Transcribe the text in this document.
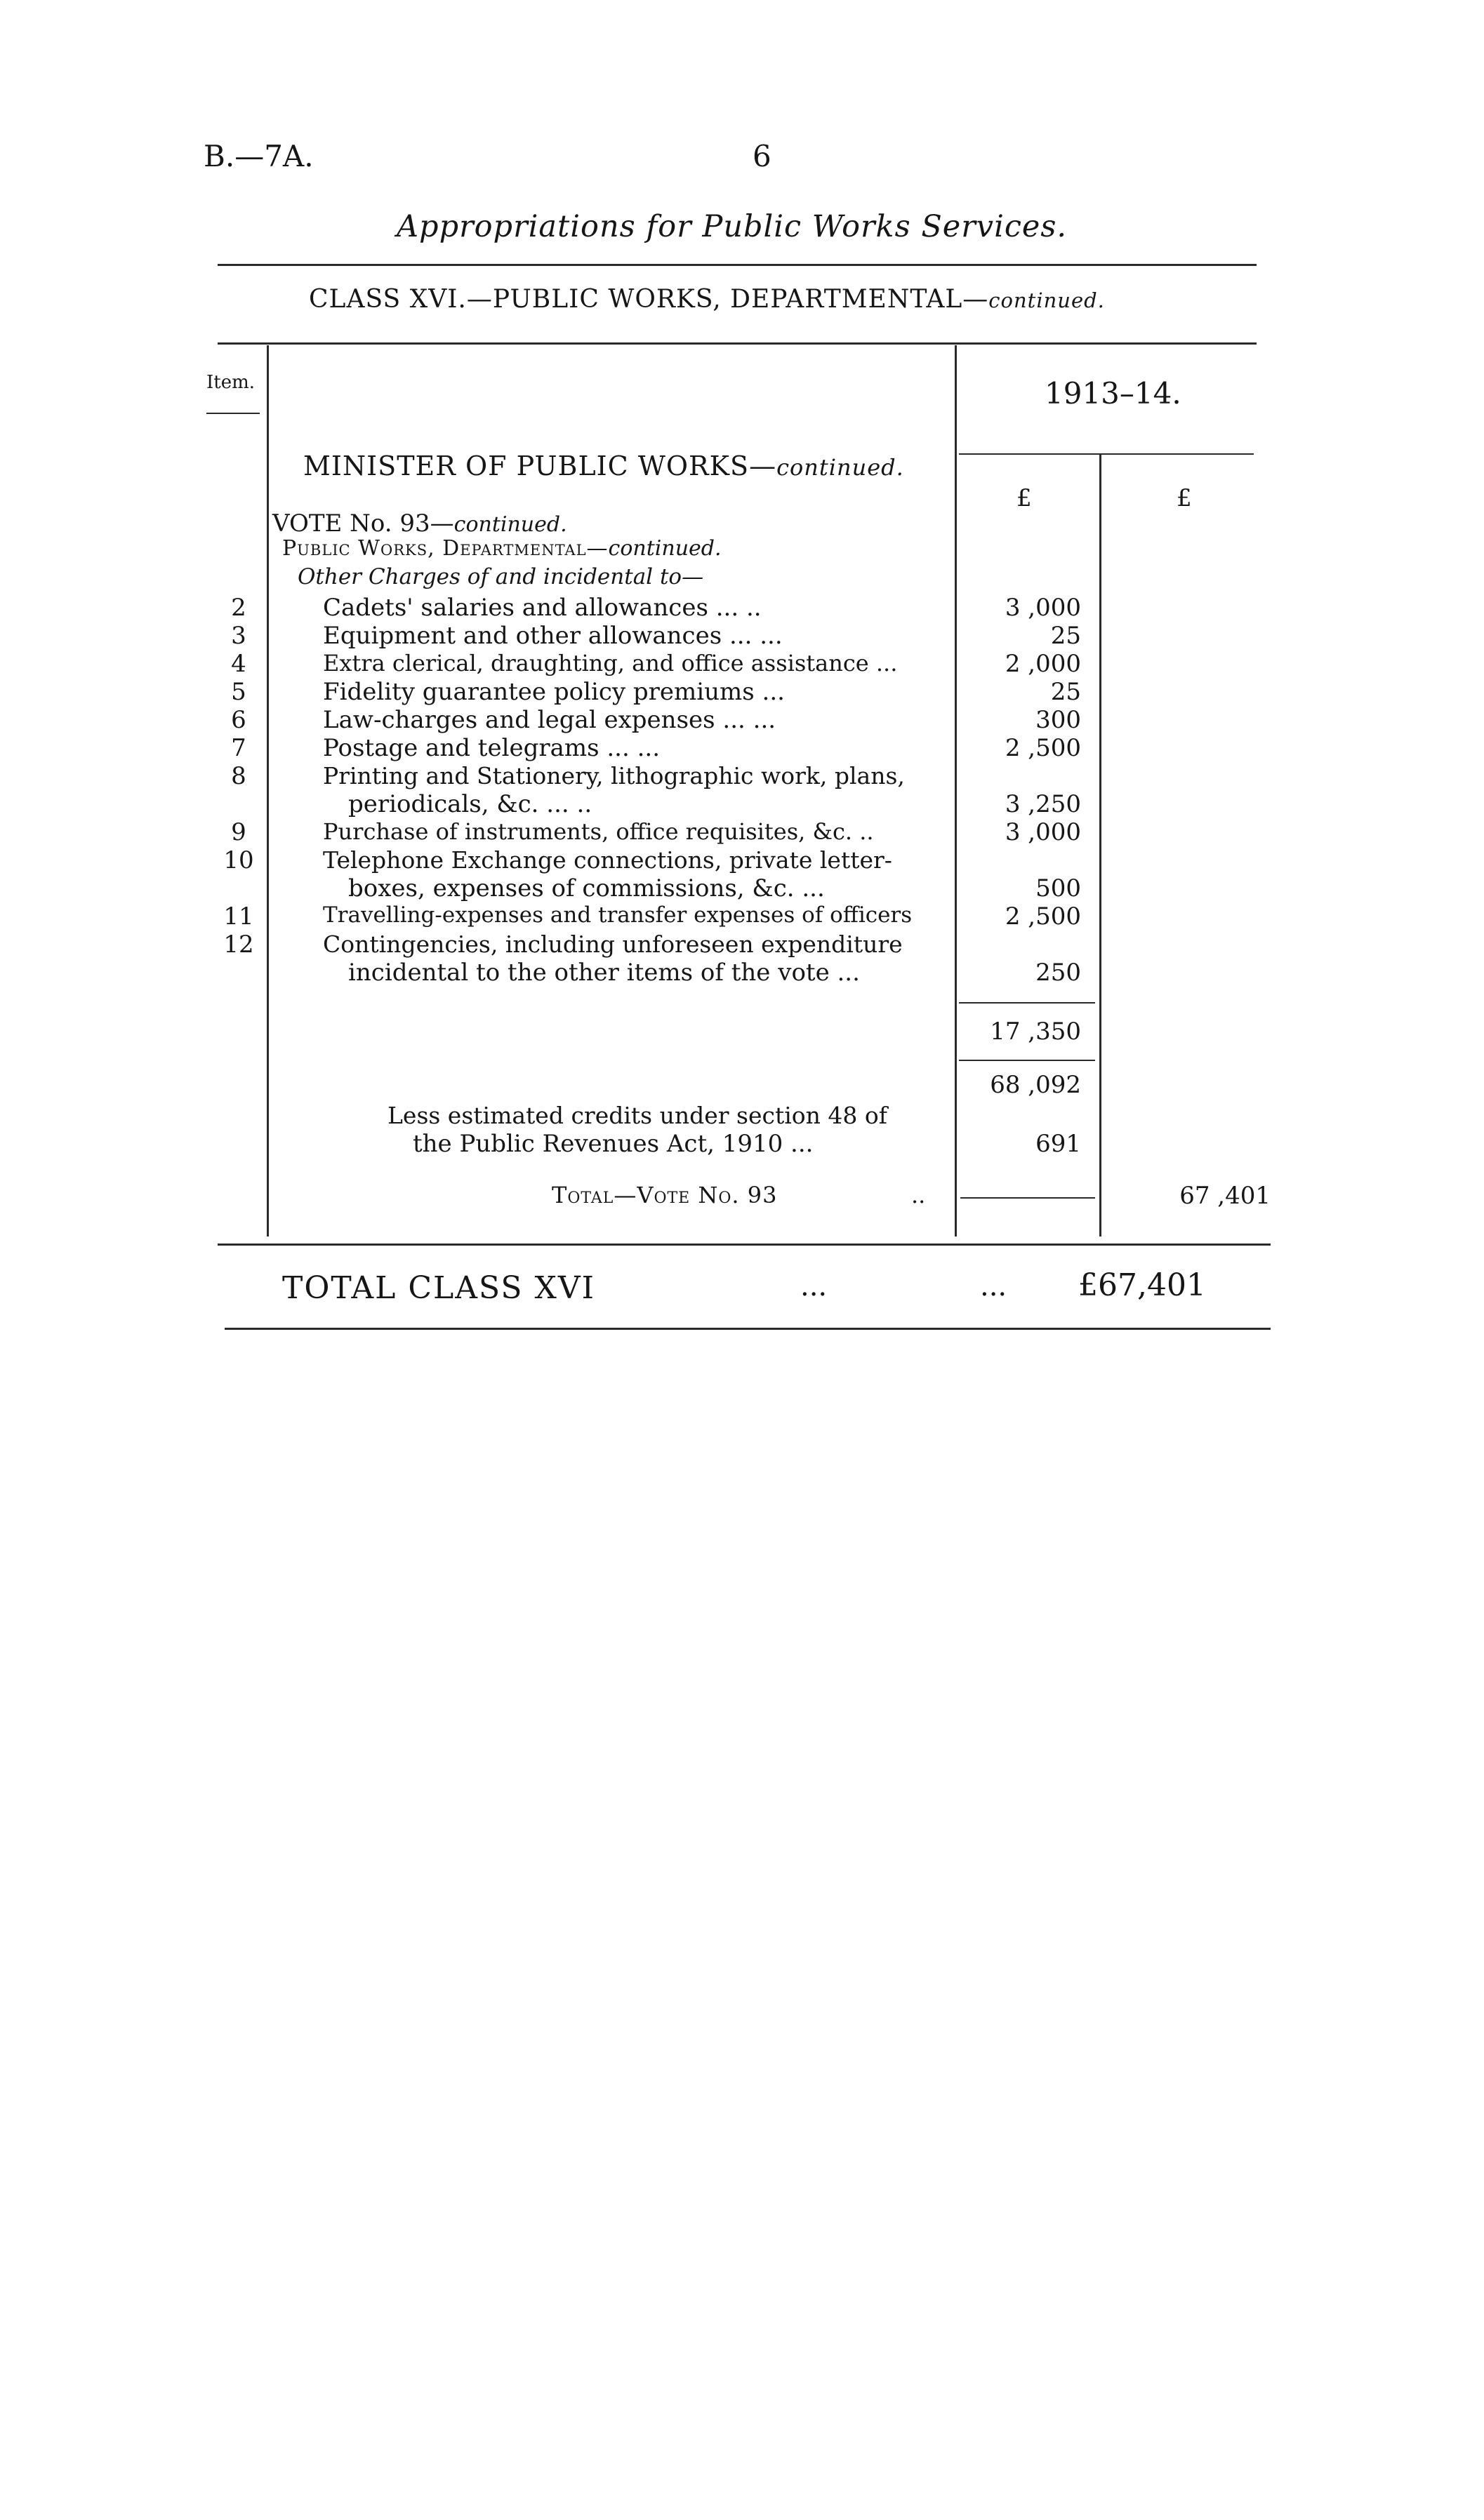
B.—7A.	6
Appropriations for Public Works Services.
CLASS XVI.—PUBLIC WORKS, DEPARTMENTAL—continued.
Item.	1913–14.
£	£
MINISTER OF PUBLIC WORKS—continued.
VOTE No. 93—continued.
Public Works, Departmental—continued.
Other Charges of and incidental to—
2	Cadets' salaries and allowances ... ..	3 ,000
3	Equipment and other allowances ... ...	25
4	Extra clerical, draughting, and office assistance ...	2 ,000
5	Fidelity guarantee policy premiums ...	25
6	Law-charges and legal expenses ... ...	300
7	Postage and telegrams ... ...	2 ,500
8	Printing and Stationery, lithographic work, plans,
periodicals, &c. ... ..	3 ,250
9	Purchase of instruments, office requisites, &c. ..	3 ,000
10	Telephone Exchange connections, private letter-
boxes, expenses of commissions, &c. ...	500
11	Travelling-expenses and transfer expenses of officers	2 ,500
12	Contingencies, including unforeseen expenditure
incidental to the other items of the vote ...	250
17 ,350
68 ,092
Less estimated credits under section 48 of
the Public Revenues Act, 1910 ...	691
Total—Vote No. 93	..	67 ,401
TOTAL CLASS XVI	...	... £67,401
